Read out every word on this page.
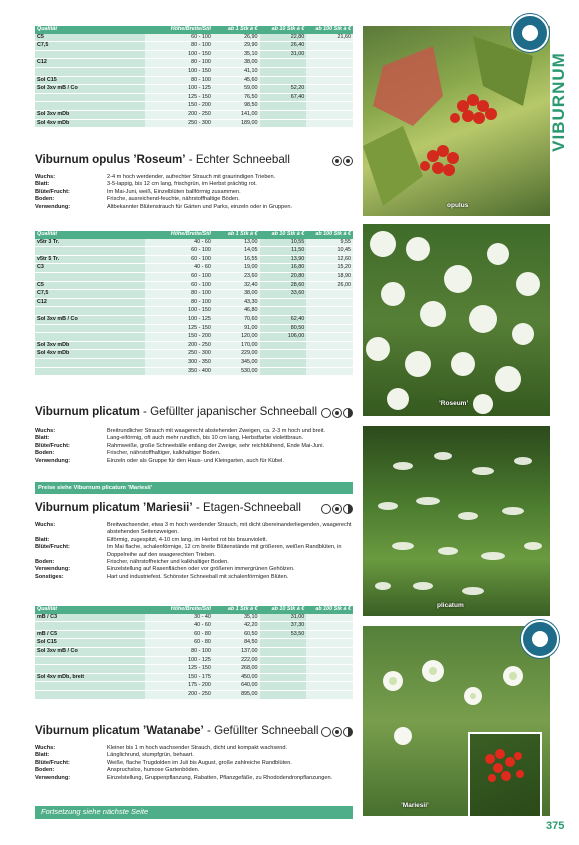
Qualität	Höhe/Breite/Stil	ab 1 Stk à €	ab 10 Stk à €	ab 100 Stk à €
C5	60 - 100	26,90	22,80	21,60
C7,5	80 - 100	29,90	26,40	
	100 - 150	35,10	31,00	
C12	80 - 100	38,00		
	100 - 150	41,10		
Sol C15	80 - 100	45,60		
Sol 3xv mB / Co	100 - 125	59,00	52,20	
	125 - 150	76,50	67,40	
	150 - 200	98,50		
Sol 3xv mDb	200 - 250	141,00		
Sol 4xv mDb	250 - 300	189,00		
Viburnum opulus ’Roseum’ - Echter Schneeball
Wuchs:	2-4 m hoch werdender, aufrechter Strauch mit graurindigen Trieben.
Blatt:	3-5-lappig, bis 12 cm lang, frischgrün, im Herbst prächtig rot.
Blüte/Frucht:	Im Mai-Juni, weiß, Einzelblüten ballförmig zusammen.
Boden:	Frische, ausreichend-feuchte, nährstoffhaltige Böden.
Verwendung:	Altbekannter Blütenstrauch für Gärten und Parks, einzeln oder in Gruppen.
Qualität	Höhe/Breite/Stil	ab 1 Stk à €	ab 10 Stk à €	ab 100 Stk à €
v5tr 3 Tr.	40 - 60	13,00	10,55	9,55
	60 - 100	14,05	11,50	10,45
v5tr 5 Tr.	60 - 100	16,55	13,90	12,60
C3	40 - 60	19,00	16,80	15,20
	60 - 100	23,60	20,80	18,90
C5	60 - 100	32,40	28,60	26,00
C7,5	80 - 100	38,00	33,60	
C12	80 - 100	43,30		
	100 - 150	46,80		
Sol 3xv mB / Co	100 - 125	70,60	62,40	
	125 - 150	91,00	80,50	
	150 - 200	120,00	106,00	
Sol 3xv mDb	200 - 250	170,00		
Sol 4xv mDb	250 - 300	229,00		
	300 - 350	345,00		
	350 - 400	530,00		
Viburnum plicatum - Gefüllter japanischer Schneeball
Wuchs:	Breitrundlicher Strauch mit waagerecht abstehenden Zweigen, ca. 2-3 m hoch und breit.
Blatt:	Lang-eiförmig, oft auch mehr rundlich, bis 10 cm lang, Herbstfarbe violettbraun.
Blüte/Frucht:	Rahmweiße, große Schneebälle entlang der Zweige, sehr reichblühend, Ende Mai-Juni.
Boden:	Frischer, nährstoffhaltiger, kalkhaltiger Boden.
Verwendung:	Einzeln oder als Gruppe für den Haus- und Kleingarten, auch für Kübel.
Preise siehe Viburnum plicatum ’Mariesii’
Viburnum plicatum ’Mariesii’ - Etagen-Schneeball
Wuchs:	Breitwachsender, etwa 3 m hoch werdender Strauch, mit dicht übereinanderliegenden, waagerecht abstehenden Seitenzweigen.
Blatt:	Eiförmig, zugespitzt, 4-10 cm lang, im Herbst rot bis braunviolett.
Blüte/Frucht:	Im Mai flache, schalenförmige, 12 cm breite Blütenstände mit größeren, weißen Randblüten, in Doppelreihe auf den waagerechten Trieben.
Boden:	Frischer, nährstoffreicher und kalkhaltiger Boden.
Verwendung:	Einzelstellung auf Rasenflächen oder vor größeren immergrünen Gehölzen.
Sonstiges:	Hart und industriefest. Schönster Schneeball mit schalenförmigen Blüten.
Qualität	Höhe/Breite/Stil	ab 1 Stk à €	ab 10 Stk à €	ab 100 Stk à €
mB / C3	30 - 40	35,10	31,00	
	40 - 60	42,20	37,30	
mB / C5	60 - 80	60,50	53,50	
Sol C15	60 - 80	84,50		
Sol 3xv mB / Co	80 - 100	137,00		
	100 - 125	222,00		
	125 - 150	268,00		
Sol 4xv mDb, breit	150 - 175	450,00		
	175 - 200	640,00		
	200 - 250	895,00		
Viburnum plicatum ’Watanabe’ - Gefüllter Schneeball
Wuchs:	Kleiner bis 1 m hoch wachsender Strauch, dicht und kompakt wachsend.
Blatt:	Länglichrund, stumpfgrün, behaart.
Blüte/Frucht:	Weiße, flache Trugdolden im Juli bis August, große zahlreiche Randblüten.
Boden:	Anspruchslos, humose Gartenböden.
Verwendung:	Einzelstellung, Gruppenpflanzung, Rabatten, Pflanzgefäße, zu Rhododendronpflanzungen.
Fortsetzung siehe nächste Seite
opulus
’Roseum’
plicatum
’Mariesii’
VIBURNUM
375
